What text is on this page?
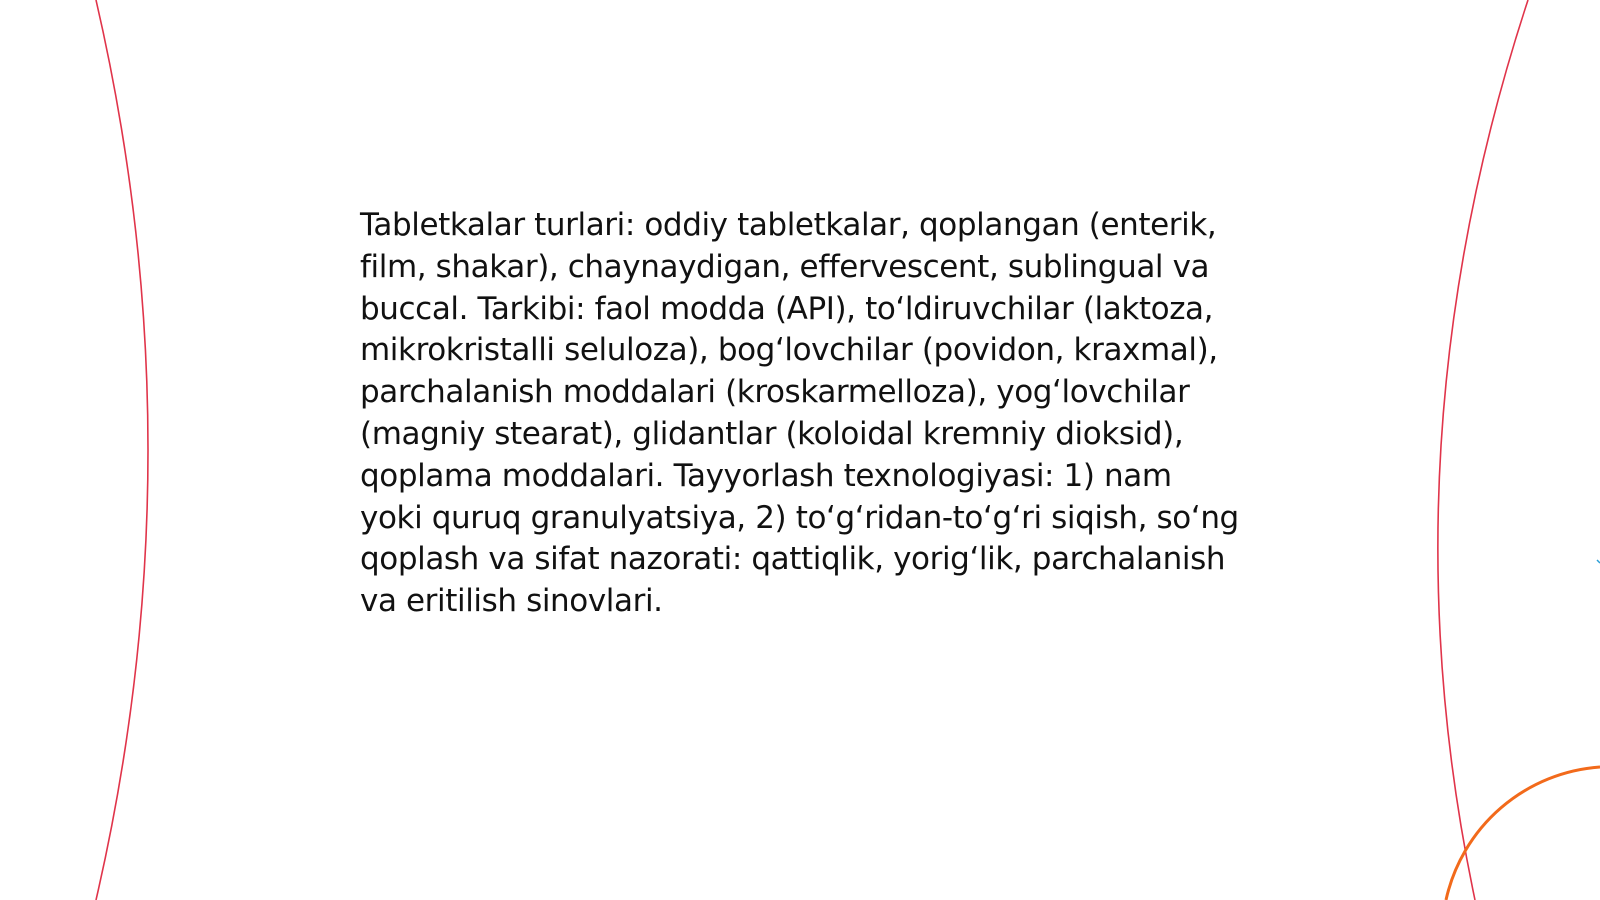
Tabletkalar turlari: oddiy tabletkalar, qoplangan (enterik, film, shakar), chaynaydigan, effervescent, sublingual va buccal. Tarkibi: faol modda (API), to‘ldiruvchilar (laktoza, mikrokristalli seluloza), bog‘lovchilar (povidon, kraxmal), parchalanish moddalari (kroskarmelloza), yog‘lovchilar (magniy stearat), glidantlar (koloidal kremniy dioksid), qoplama moddalari. Tayyorlash texnologiyasi: 1) nam yoki quruq granulyatsiya, 2) to‘g‘ridan-to‘g‘ri siqish, so‘ng qoplash va sifat nazorati: qattiqlik, yorig‘lik, parchalanish va eritilish sinovlari.
